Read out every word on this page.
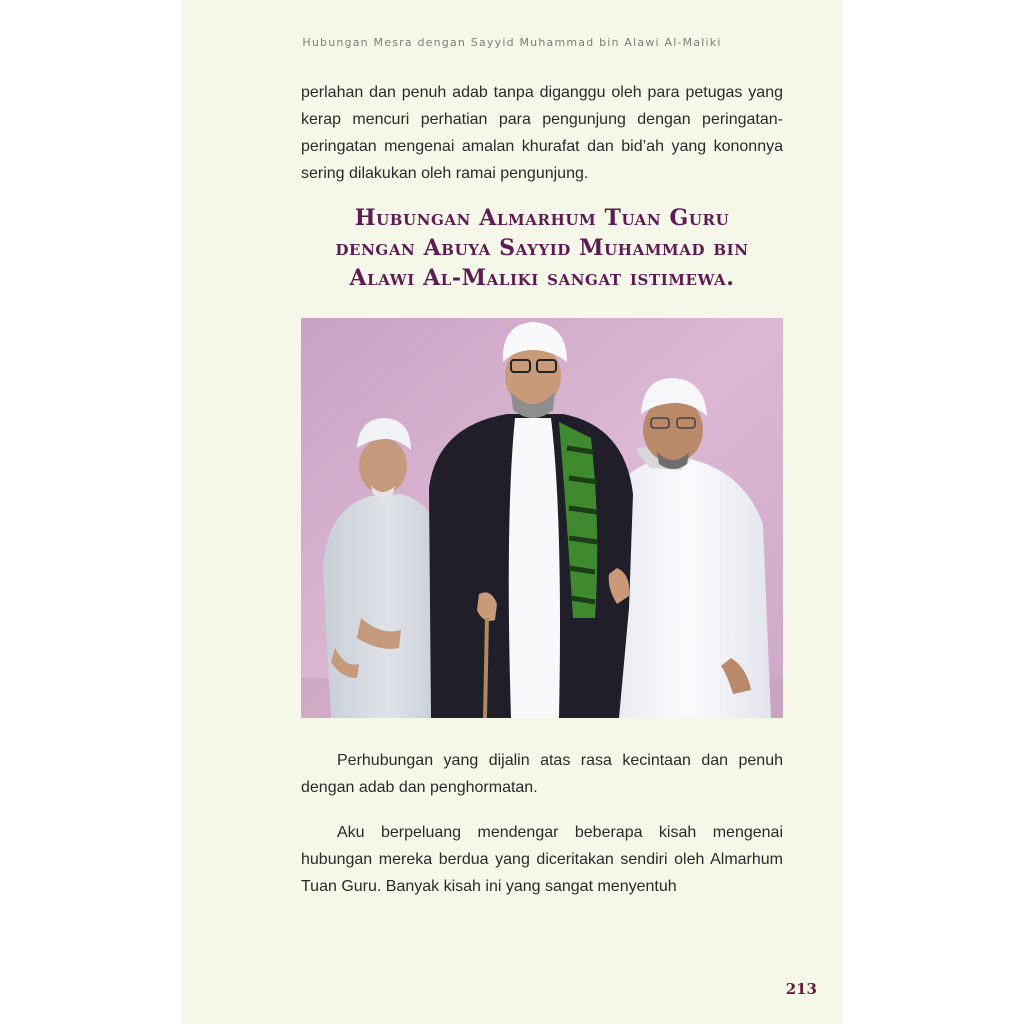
Hubungan Mesra dengan Sayyid Muhammad bin Alawi Al-Maliki

perlahan dan penuh adab tanpa diganggu oleh para petugas yang kerap mencuri perhatian para pengunjung dengan peringatan-peringatan mengenai amalan khurafat dan bid’ah yang kononnya sering dilakukan oleh ramai pengunjung.

Hubungan Almarhum Tuan Guru
dengan Abuya Sayyid Muhammad bin
Alawi Al-Maliki sangat istimewa.

Perhubungan yang dijalin atas rasa kecintaan dan penuh dengan adab dan penghormatan.

Aku berpeluang mendengar beberapa kisah mengenai hubungan mereka berdua yang diceritakan sendiri oleh Almarhum Tuan Guru. Banyak kisah ini yang sangat menyentuh

213
